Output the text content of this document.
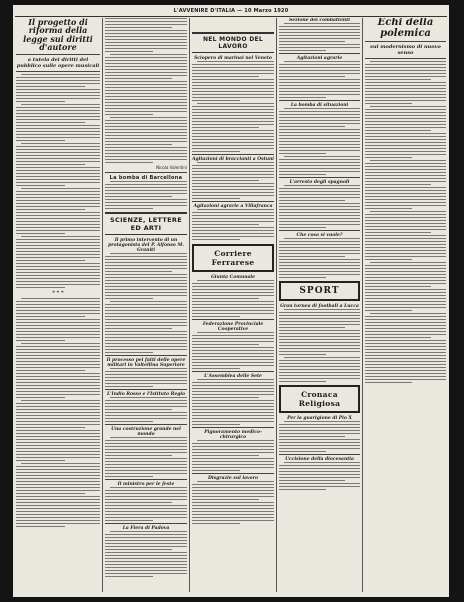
L'AVVENIRE D'ITALIA — 10 Marzo 1920

Il progetto di riforma della legge sui diritti d'autore

a tutela dei diritti del pubblico sulle opere musicali

* * *

Nicola Valentini

La bomba di Barcellona

SCIENZE, LETTERE ED ARTI

Il primo intervento di un protagonista del P. Alfonso M. Graniti

Il processo pei fatti delle opere militari in Valtellina Superiore

L'Indio Rosso e l'Istituto Regio

Una costruzione grande nel mondo

Il ministro per le feste

La Fiera di Padova

NEL MONDO DEL LAVORO

Sciopero di marinai nel Veneto

Agitazioni di braccianti a Ostuni

Agitazioni agrarie a Villafranca

Corriere Ferrarese

Giunta Comunale

Federazione Provinciale Cooperative

L'Assemblea delle Sete

Pignoramento medico-chirurgico

Disgrazie sul lavoro

Sezione dei combattenti

Agitazioni agrarie

La bomba di situazioni

L'arresto degli spagnoli

Che cosa si vuole?

SPORT

Gran tornea di football a Lucca

Cronaca Religiosa

Per la guarigione di Pio X

Uccisione della diocesantia

Echi della polemica

sul modernismo di nuovo senso
